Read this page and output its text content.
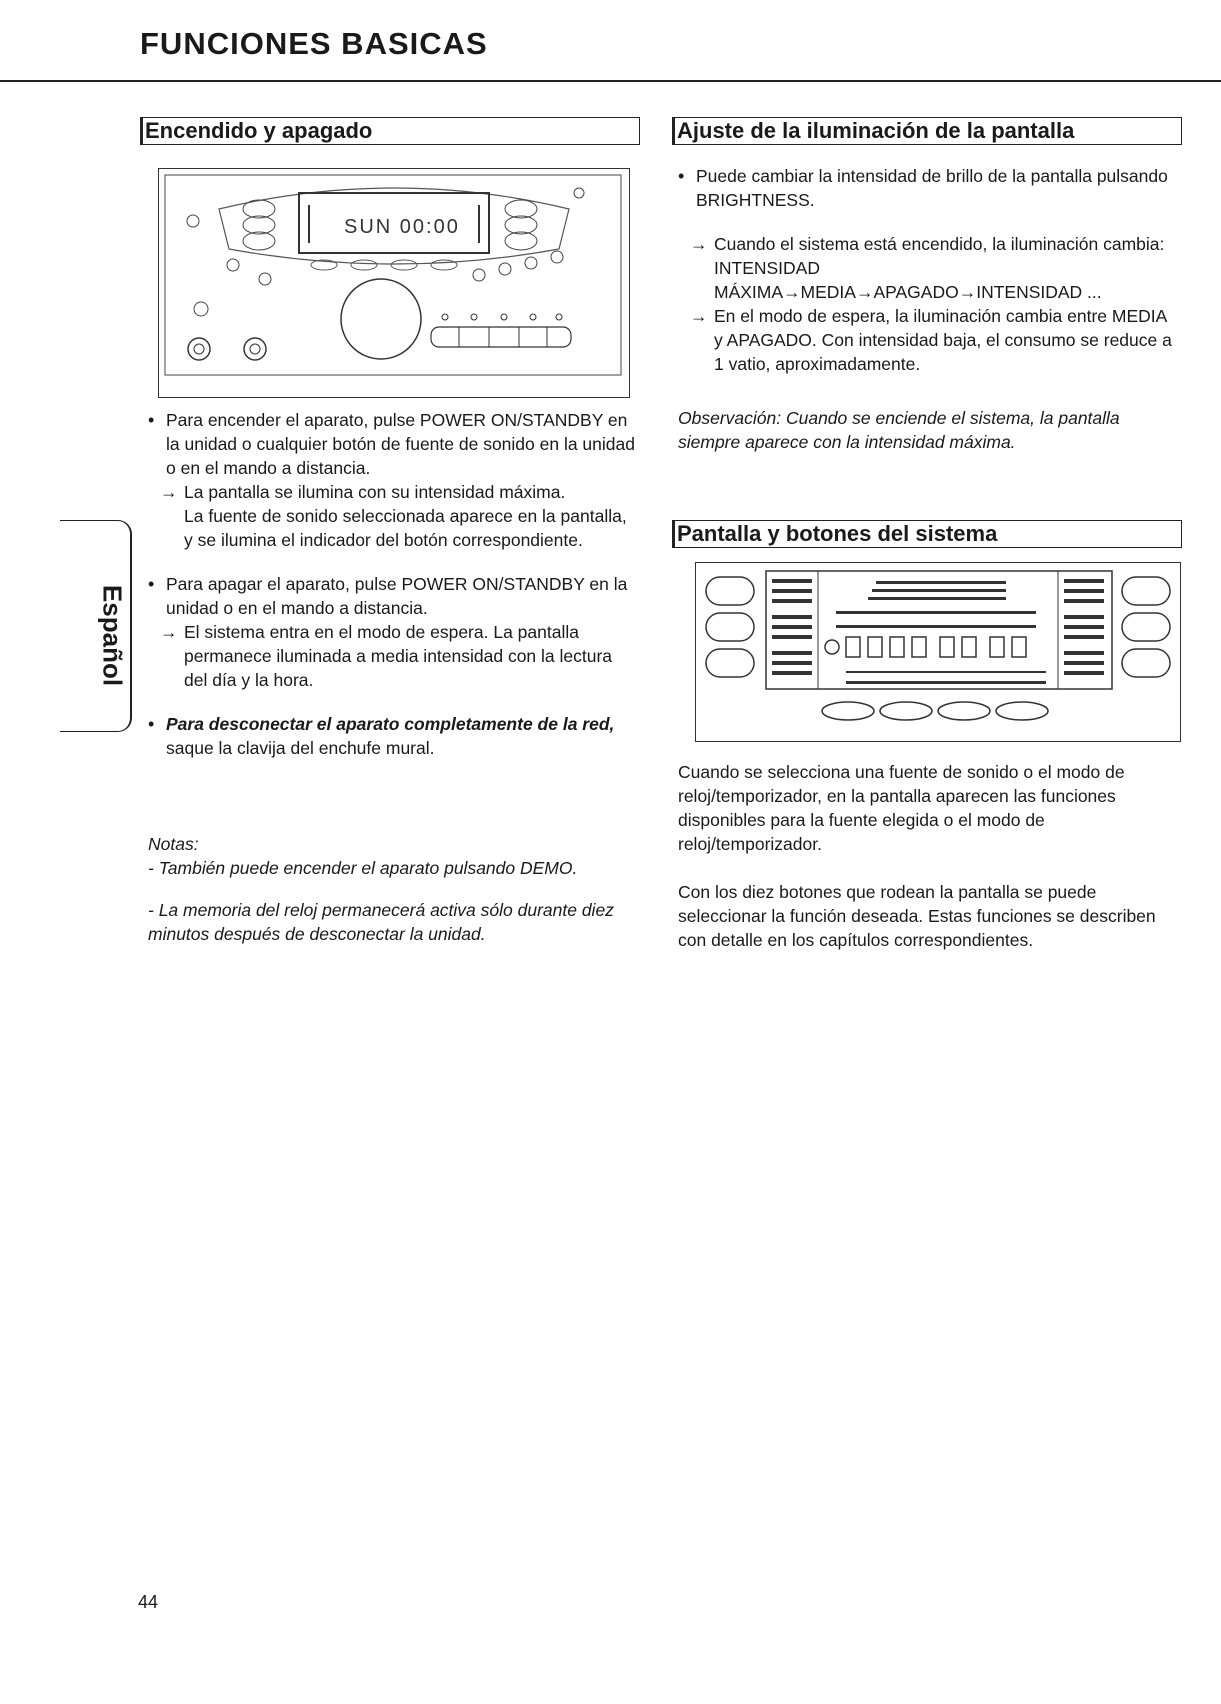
FUNCIONES BASICAS
Encendido y apagado
SUN 00:00

• Para encender el aparato, pulse POWER ON/STANDBY en la unidad o cualquier botón de fuente de sonido en la unidad o en el mando a distancia.

→ La pantalla se ilumina con su intensidad máxima.

La fuente de sonido seleccionada aparece en la pantalla, y se ilumina el indicador del botón correspondiente.

• Para apagar el aparato, pulse POWER ON/STANDBY en la unidad o en el mando a distancia.

→ El sistema entra en el modo de espera. La pantalla permanece iluminada a media intensidad con la lectura del día y la hora.

• Para desconectar el aparato completamente de la red,
saque la clavija del enchufe mural.

Notas:

- También puede encender el aparato pulsando DEMO.

- La memoria del reloj permanecerá activa sólo durante diez minutos después de desconectar la unidad.

Español
Ajuste de la iluminación de la pantalla

• Puede cambiar la intensidad de brillo de la pantalla pulsando BRIGHTNESS.

→ Cuando el sistema está encendido, la iluminación cambia: INTENSIDAD MÁXIMA→MEDIA→APAGADO→INTENSIDAD ...

→ En el modo de espera, la iluminación cambia entre MEDIA y APAGADO. Con intensidad baja, el consumo se reduce a 1 vatio, aproximadamente.

Observación: Cuando se enciende el sistema, la pantalla siempre aparece con la intensidad máxima.

Pantalla y botones del sistema

Cuando se selecciona una fuente de sonido o el modo de reloj/temporizador, en la pantalla aparecen las funciones disponibles para la fuente elegida o el modo de reloj/temporizador.

Con los diez botones que rodean la pantalla se puede seleccionar la función deseada. Estas funciones se describen con detalle en los capítulos correspondientes.

44
